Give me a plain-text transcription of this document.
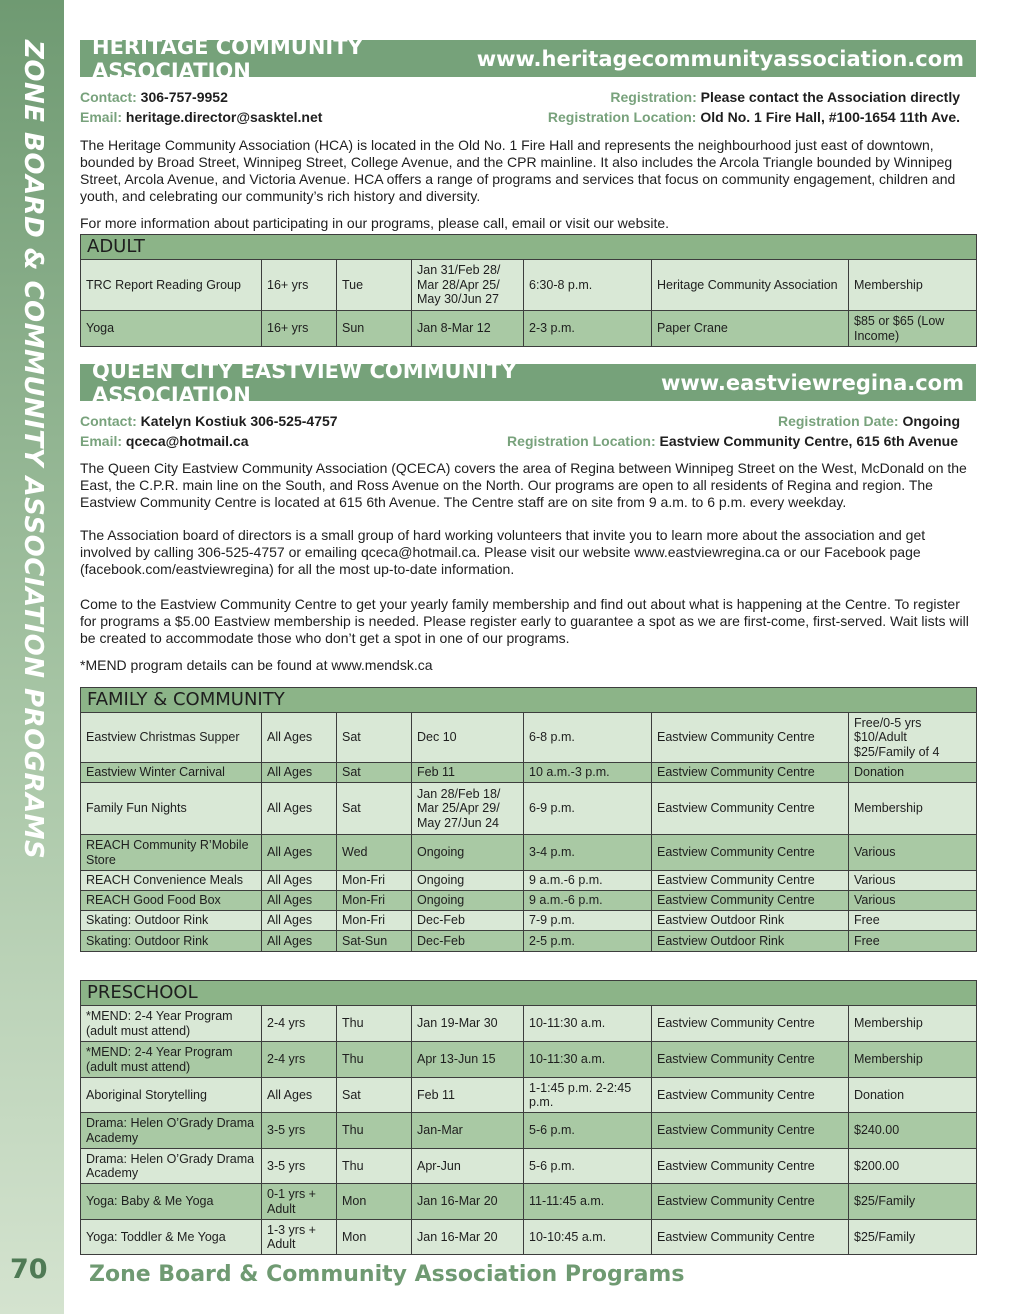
ZONE BOARD & COMMUNITY ASSOCIATION PROGRAMS
70	Zone Board & Community Association Programs
HERITAGE COMMUNITY ASSOCIATION	www.heritagecommunityassociation.com
Contact: 306-757-9952
Email: heritage.director@sasktel.net
Registration: Please contact the Association directly
Registration Location: Old No. 1 Fire Hall, #100-1654 11th Ave.

The Heritage Community Association (HCA) is located in the Old No. 1 Fire Hall and represents the neighbourhood just east of downtown, bounded by Broad Street, Winnipeg Street, College Avenue, and the CPR mainline. It also includes the Arcola Triangle bounded by Winnipeg Street, Arcola Avenue, and Victoria Avenue. HCA offers a range of programs and services that focus on community engagement, children and youth, and celebrating our community’s rich history and diversity.

For more information about participating in our programs, please call, email or visit our website.

ADULT						
TRC Report Reading Group	16+ yrs	Tue	Jan 31/Feb 28/ Mar 28/Apr 25/ May 30/Jun 27	6:30-8 p.m.	Heritage Community Association	Membership
Yoga	16+ yrs	Sun	Jan 8-Mar 12	2-3 p.m.	Paper Crane	$85 or $65 (Low Income)
QUEEN CITY EASTVIEW COMMUNITY ASSOCIATION	www.eastviewregina.com
Contact: Katelyn Kostiuk 306-525-4757
Email: qceca@hotmail.ca
Registration Date: Ongoing
Registration Location: Eastview Community Centre, 615 6th Avenue

The Queen City Eastview Community Association (QCECA) covers the area of Regina between Winnipeg Street on the West, McDonald on the East, the C.P.R. main line on the South, and Ross Avenue on the North. Our programs are open to all residents of Regina and region. The Eastview Community Centre is located at 615 6th Avenue. The Centre staff are on site from 9 a.m. to 6 p.m. every weekday.

The Association board of directors is a small group of hard working volunteers that invite you to learn more about the association and get involved by calling 306-525-4757 or emailing qceca@hotmail.ca. Please visit our website www.eastviewregina.ca or our Facebook page (facebook.com/eastviewregina) for all the most up-to-date information.

Come to the Eastview Community Centre to get your yearly family membership and find out about what is happening at the Centre. To register for programs a $5.00 Eastview membership is needed. Please register early to guarantee a spot as we are first-come, first-served. Wait lists will be created to accommodate those who don’t get a spot in one of our programs.

*MEND program details can be found at www.mendsk.ca

FAMILY & COMMUNITY						
Eastview Christmas Supper	All Ages	Sat	Dec 10	6-8 p.m.	Eastview Community Centre	Free/0-5 yrs $10/Adult $25/Family of 4
Eastview Winter Carnival	All Ages	Sat	Feb 11	10 a.m.-3 p.m.	Eastview Community Centre	Donation
Family Fun Nights	All Ages	Sat	Jan 28/Feb 18/ Mar 25/Apr 29/ May 27/Jun 24	6-9 p.m.	Eastview Community Centre	Membership
REACH Community R’Mobile Store	All Ages	Wed	Ongoing	3-4 p.m.	Eastview Community Centre	Various
REACH Convenience Meals	All Ages	Mon-Fri	Ongoing	9 a.m.-6 p.m.	Eastview Community Centre	Various
REACH Good Food Box	All Ages	Mon-Fri	Ongoing	9 a.m.-6 p.m.	Eastview Community Centre	Various
Skating: Outdoor Rink	All Ages	Mon-Fri	Dec-Feb	7-9 p.m.	Eastview Outdoor Rink	Free
Skating: Outdoor Rink	All Ages	Sat-Sun	Dec-Feb	2-5 p.m.	Eastview Outdoor Rink	Free
PRESCHOOL						
*MEND: 2-4 Year Program (adult must attend)	2-4 yrs	Thu	Jan 19-Mar 30	10-11:30 a.m.	Eastview Community Centre	Membership
*MEND: 2-4 Year Program (adult must attend)	2-4 yrs	Thu	Apr 13-Jun 15	10-11:30 a.m.	Eastview Community Centre	Membership
Aboriginal Storytelling	All Ages	Sat	Feb 11	1-1:45 p.m. 2-2:45 p.m.	Eastview Community Centre	Donation
Drama: Helen O’Grady Drama Academy	3-5 yrs	Thu	Jan-Mar	5-6 p.m.	Eastview Community Centre	$240.00
Drama: Helen O’Grady Drama Academy	3-5 yrs	Thu	Apr-Jun	5-6 p.m.	Eastview Community Centre	$200.00
Yoga: Baby & Me Yoga	0-1 yrs + Adult	Mon	Jan 16-Mar 20	11-11:45 a.m.	Eastview Community Centre	$25/Family
Yoga: Toddler & Me Yoga	1-3 yrs + Adult	Mon	Jan 16-Mar 20	10-10:45 a.m.	Eastview Community Centre	$25/Family
